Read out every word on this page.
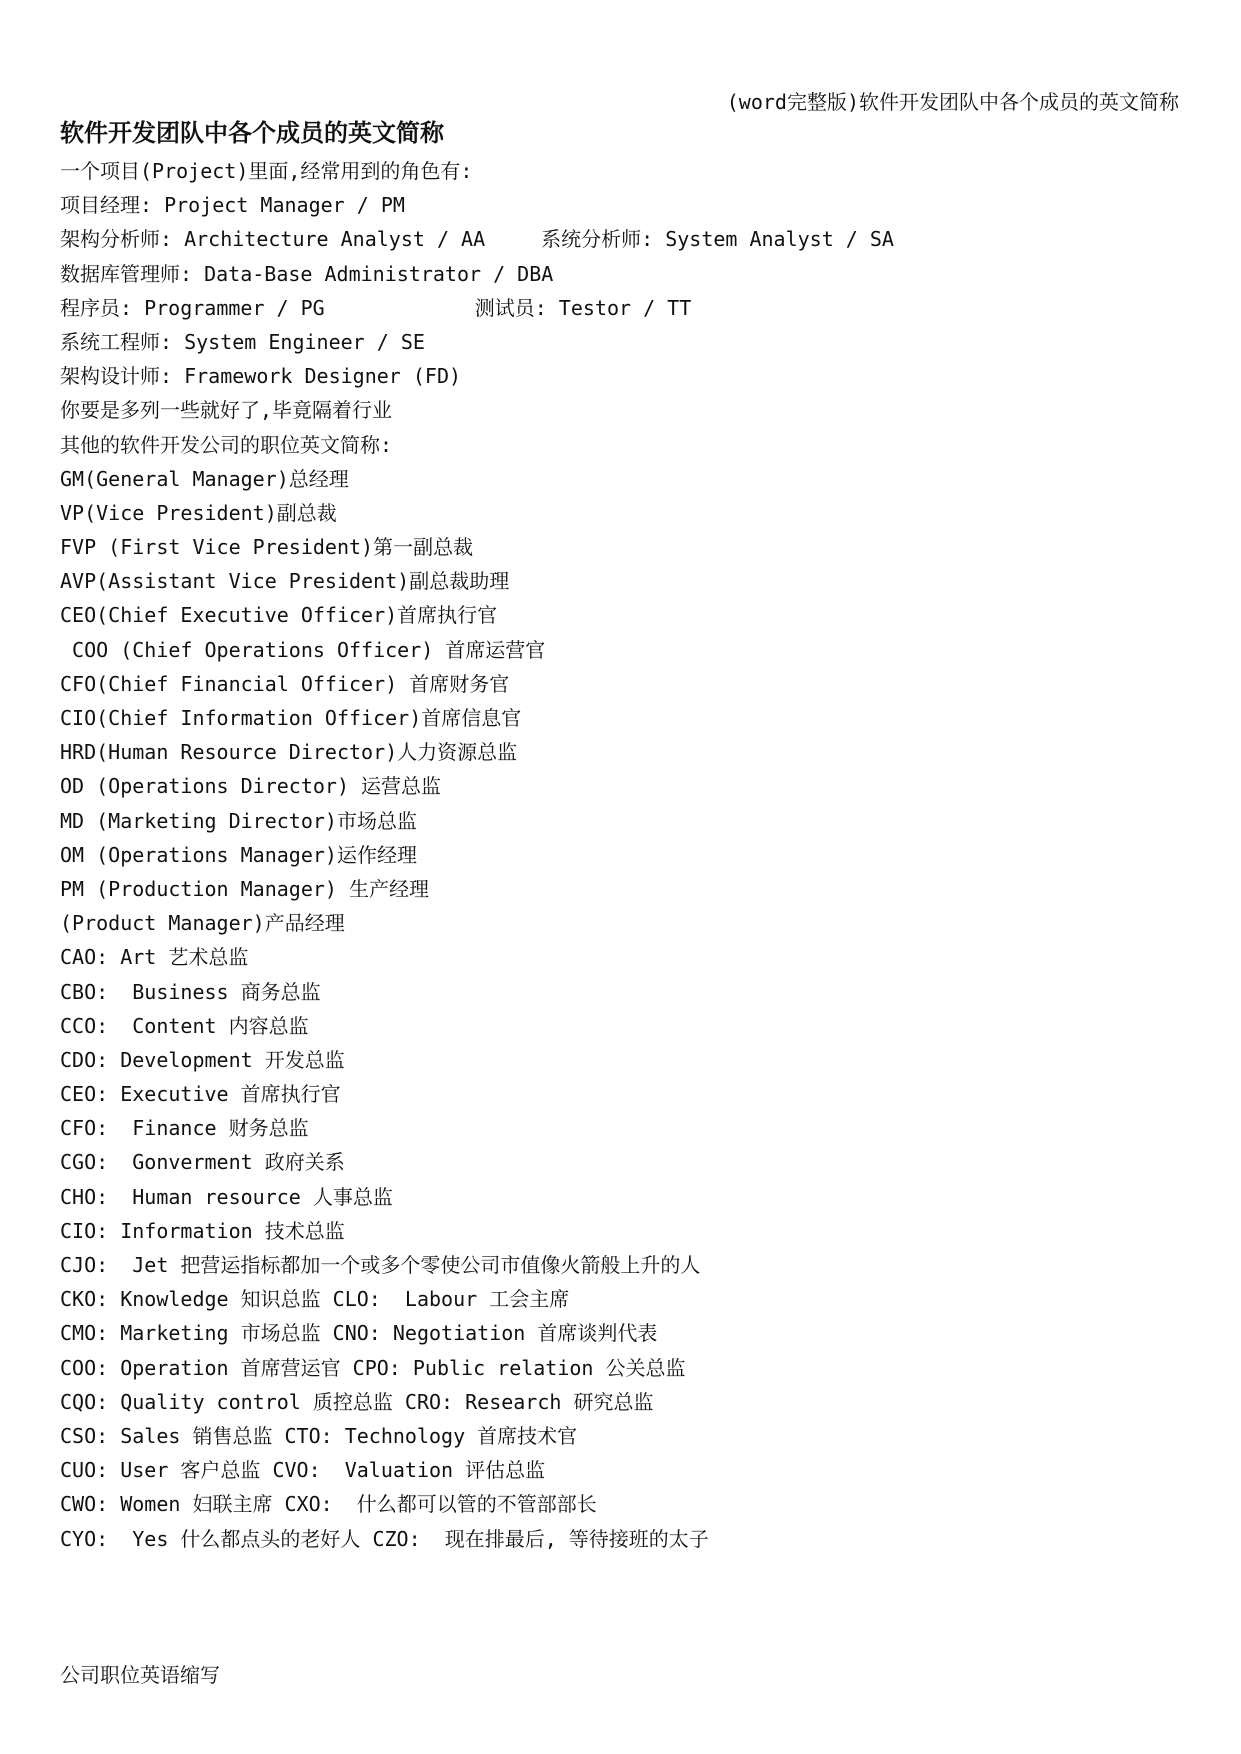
(word完整版)软件开发团队中各个成员的英文简称
软件开发团队中各个成员的英文简称
一个项目(Project)里面,经常用到的角色有:
项目经理: Project Manager / PM
架构分析师: Architecture Analyst / AA	系统分析师: System Analyst / SA
数据库管理师: Data-Base Administrator / DBA
程序员: Programmer / PG	测试员: Testor / TT
系统工程师: System Engineer / SE
架构设计师: Framework Designer (FD)
你要是多列一些就好了,毕竟隔着行业
其他的软件开发公司的职位英文简称:
GM(General Manager)总经理
VP(Vice President)副总裁
FVP (First Vice President)第一副总裁
AVP(Assistant Vice President)副总裁助理
CEO(Chief Executive Officer)首席执行官
COO (Chief Operations Officer) 首席运营官
CFO(Chief Financial Officer) 首席财务官
CIO(Chief Information Officer)首席信息官
HRD(Human Resource Director)人力资源总监
OD (Operations Director) 运营总监
MD (Marketing Director)市场总监
OM (Operations Manager)运作经理
PM (Production Manager) 生产经理
(Product Manager)产品经理
CAO: Art 艺术总监
CBO:  Business 商务总监
CCO:  Content 内容总监
CDO: Development 开发总监
CEO: Executive 首席执行官
CFO:  Finance 财务总监
CGO:  Gonverment 政府关系
CHO:  Human resource 人事总监
CIO: Information 技术总监
CJO:  Jet 把营运指标都加一个或多个零使公司市值像火箭般上升的人
CKO: Knowledge 知识总监 CLO:  Labour 工会主席
CMO: Marketing 市场总监 CNO: Negotiation 首席谈判代表
COO: Operation 首席营运官 CPO: Public relation 公关总监
CQO: Quality control 质控总监 CRO: Research 研究总监
CSO: Sales 销售总监 CTO: Technology 首席技术官
CUO: User 客户总监 CVO:  Valuation 评估总监
CWO: Women 妇联主席 CXO:  什么都可以管的不管部部长
CYO:  Yes 什么都点头的老好人 CZO:  现在排最后, 等待接班的太子
公司职位英语缩写
